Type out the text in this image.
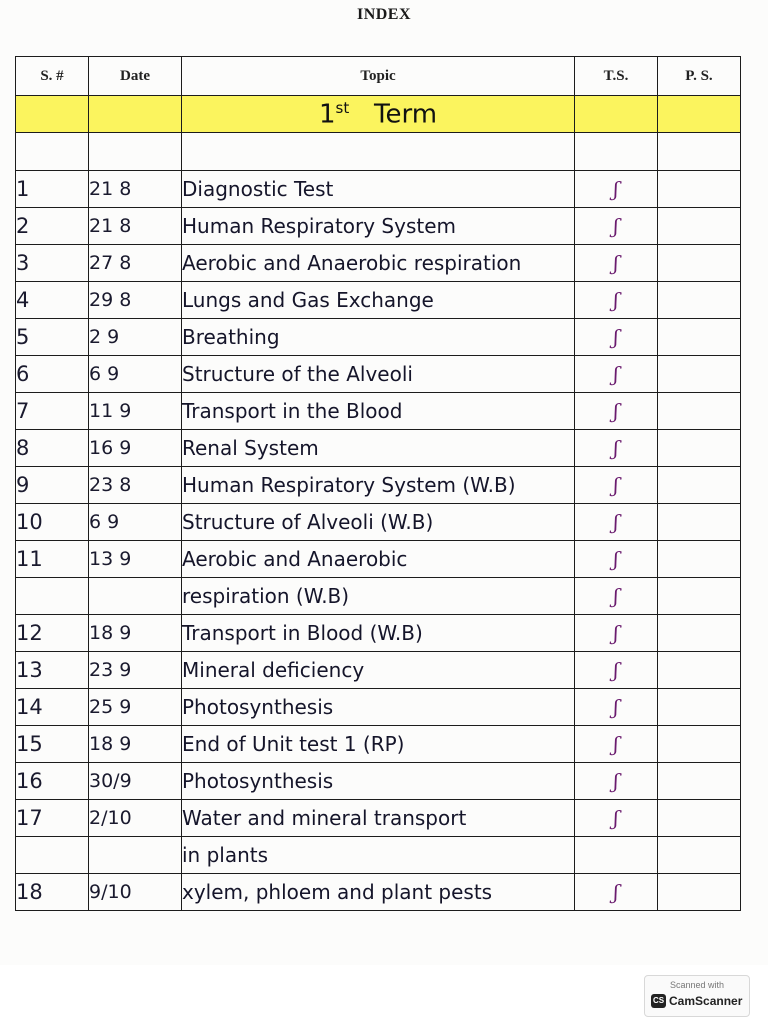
INDEX
S. #	Date	Topic	T.S.	P. S.
		1st Term		

1	21 8	Diagnostic Test	ʃ	
2	21 8	Human Respiratory System	ʃ	
3	27 8	Aerobic and Anaerobic respiration	ʃ	
4	29 8	Lungs and Gas Exchange	ʃ	
5	2 9	Breathing	ʃ	
6	6 9	Structure of the Alveoli	ʃ	
7	11 9	Transport in the Blood	ʃ	
8	16 9	Renal System	ʃ	
9	23 8	Human Respiratory System (W.B)	ʃ	
10	6 9	Structure of Alveoli (W.B)	ʃ	
11	13 9	Aerobic and Anaerobic	ʃ	
		respiration (W.B)	ʃ	
12	18 9	Transport in Blood (W.B)	ʃ	
13	23 9	Mineral deficiency	ʃ	
14	25 9	Photosynthesis	ʃ	
15	18 9	End of Unit test 1 (RP)	ʃ	
16	30/9	Photosynthesis	ʃ	
17	2/10	Water and mineral transport	ʃ	
		in plants		
18	9/10	xylem, phloem and plant pests	ʃ	
Scanned with
CS CamScanner
